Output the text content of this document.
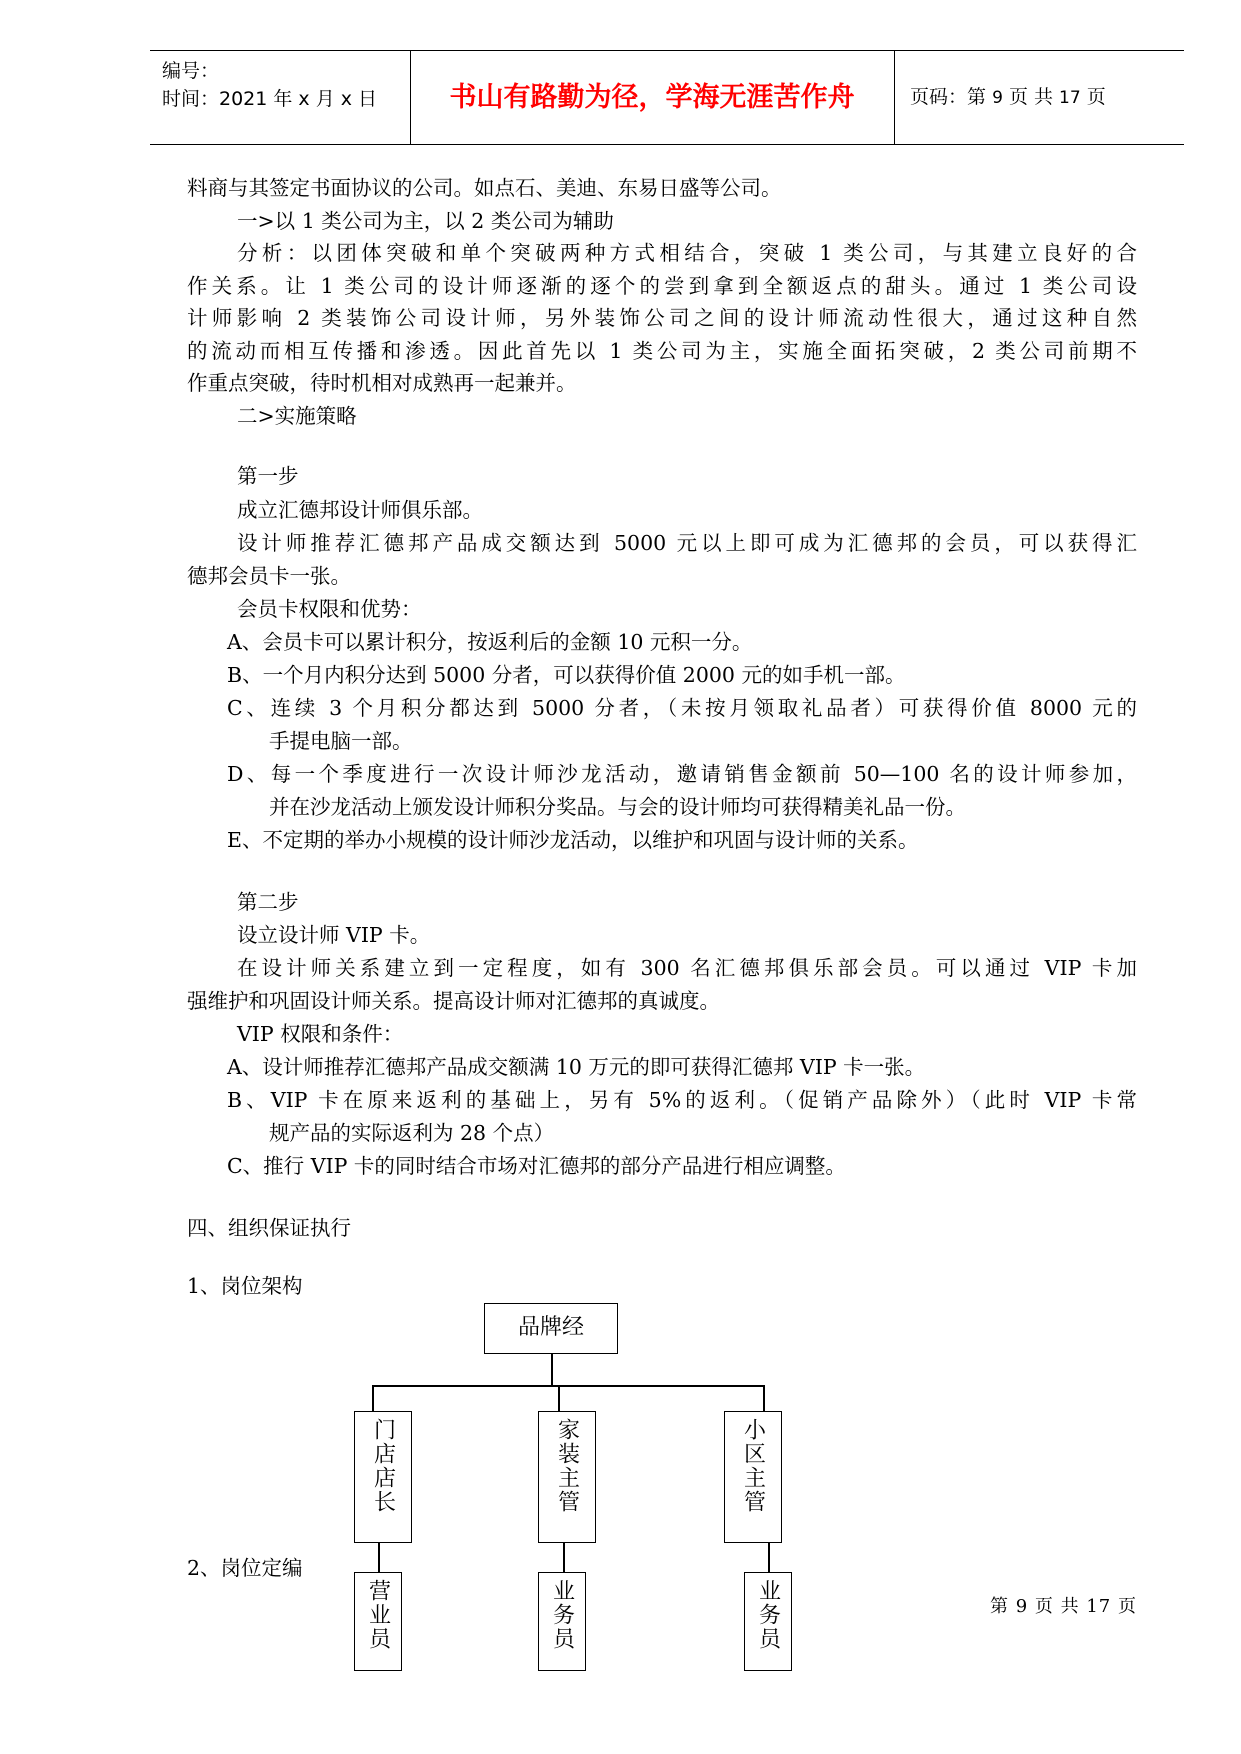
编号：
时间：2021 年 x 月 x 日	书山有路勤为径，学海无涯苦作舟	页码：第 9 页 共 17 页
料商与其签定书面协议的公司。如点石、美迪、东易日盛等公司。
一>以 1 类公司为主，以 2 类公司为辅助
分析：以团体突破和单个突破两种方式相结合，突破 1 类公司，与其建立良好的合
作关系。让 1 类公司的设计师逐渐的逐个的尝到拿到全额返点的甜头。通过 1 类公司设
计师影响 2 类装饰公司设计师，另外装饰公司之间的设计师流动性很大，通过这种自然
的流动而相互传播和渗透。因此首先以 1 类公司为主，实施全面拓突破，2 类公司前期不
作重点突破，待时机相对成熟再一起兼并。
二>实施策略
第一步
成立汇德邦设计师俱乐部。
设计师推荐汇德邦产品成交额达到 5000 元以上即可成为汇德邦的会员，可以获得汇
德邦会员卡一张。
会员卡权限和优势：
A、会员卡可以累计积分，按返利后的金额 10 元积一分。
B、一个月内积分达到 5000 分者，可以获得价值 2000 元的如手机一部。
C、连续 3 个月积分都达到 5000 分者，（未按月领取礼品者）可获得价值 8000 元的
手提电脑一部。
D、每一个季度进行一次设计师沙龙活动，邀请销售金额前 50—100 名的设计师参加，
并在沙龙活动上颁发设计师积分奖品。与会的设计师均可获得精美礼品一份。
E、不定期的举办小规模的设计师沙龙活动，以维护和巩固与设计师的关系。
第二步
设立设计师 VIP 卡。
在设计师关系建立到一定程度，如有 300 名汇德邦俱乐部会员。可以通过 VIP 卡加
强维护和巩固设计师关系。提高设计师对汇德邦的真诚度。
VIP 权限和条件：
A、设计师推荐汇德邦产品成交额满 10 万元的即可获得汇德邦 VIP 卡一张。
B、VIP 卡在原来返利的基础上，另有 5%的返利。（促销产品除外）（此时 VIP 卡常
规产品的实际返利为 28 个点）
C、推行 VIP 卡的同时结合市场对汇德邦的部分产品进行相应调整。
四、组织保证执行
1、岗位架构
2、岗位定编
品牌经
门店店长	家装主管	小区主管
营业员	业务员	业务员	第 9 页 共 17 页
